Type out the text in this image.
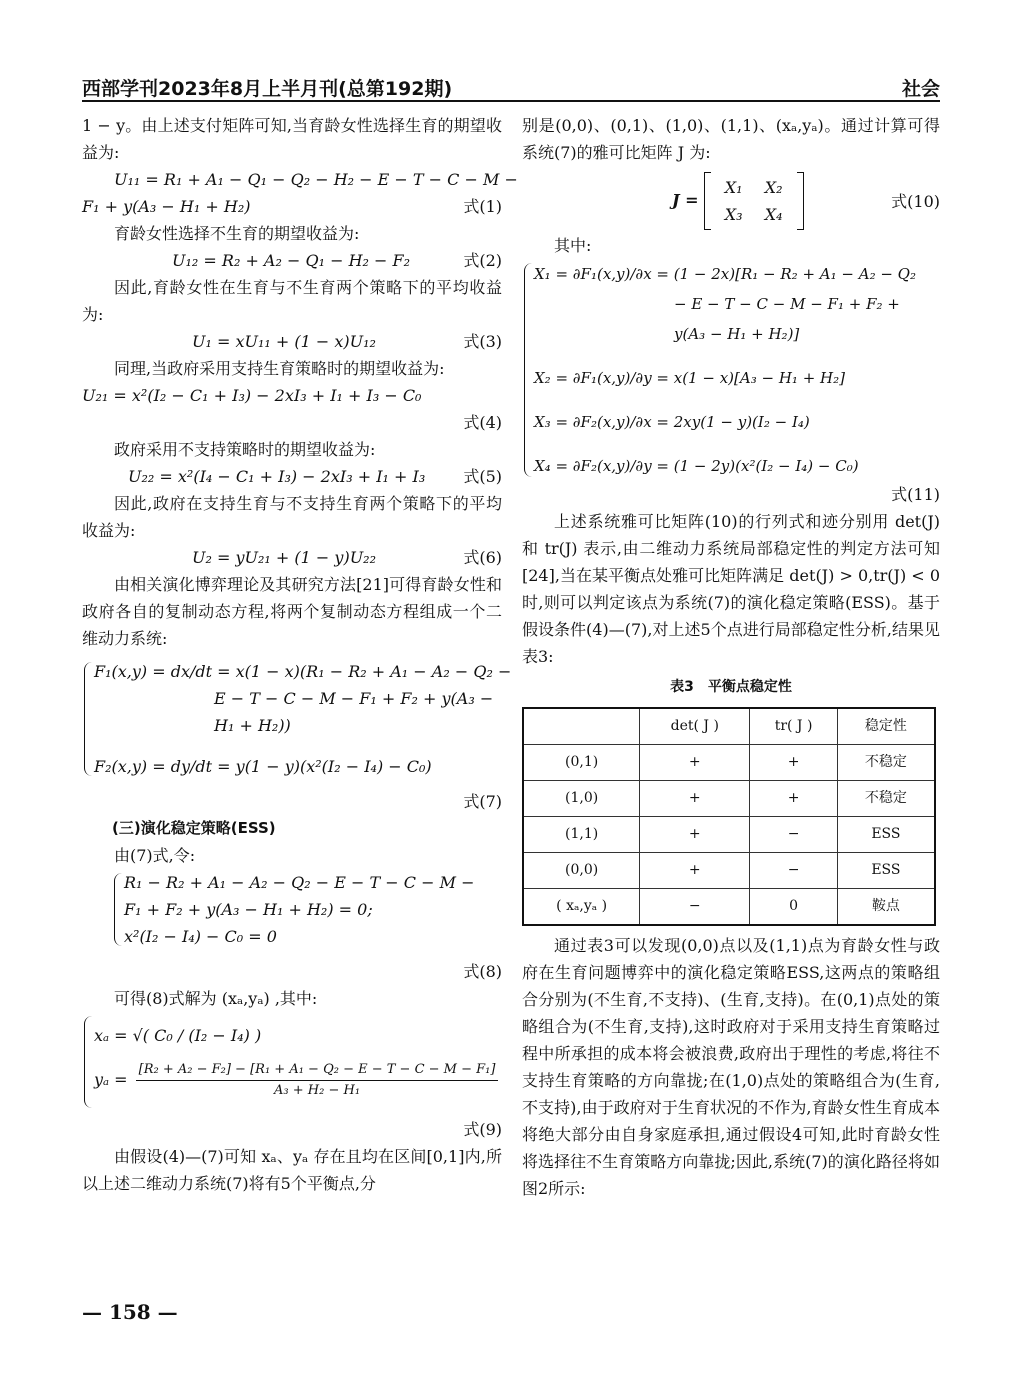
西部学刊2023年8月上半月刊(总第192期)	社会

1 − y。由上述支付矩阵可知,当育龄女性选择生育的期望收益为:

U₁₁ = R₁ + A₁ − Q₁ − Q₂ − H₂ − E − T − C − M −
F₁ + y(A₃ − H₁ + H₂)	式(1)

育龄女性选择不生育的期望收益为:

U₁₂ = R₂ + A₂ − Q₁ − H₂ − F₂	式(2)

因此,育龄女性在生育与不生育两个策略下的平均收益为:

U₁ = xU₁₁ + (1 − x)U₁₂	式(3)

同理,当政府采用支持生育策略时的期望收益为:

U₂₁ = x²(I₂ − C₁ + I₃) − 2xI₃ + I₁ + I₃ − C₀
式(4)

政府采用不支持策略时的期望收益为:

U₂₂ = x²(I₄ − C₁ + I₃) − 2xI₃ + I₁ + I₃ 式(5)

因此,政府在支持生育与不支持生育两个策略下的平均收益为:

U₂ = yU₂₁ + (1 − y)U₂₂	式(6)

由相关演化博弈理论及其研究方法[21]可得育龄女性和政府各自的复制动态方程,将两个复制动态方程组成一个二维动力系统:

F₁(x,y) = dx/dt = x(1 − x)(R₁ − R₂ + A₁ − A₂ − Q₂ −
E − T − C − M − F₁ + F₂ + y(A₃ −
H₁ + H₂))
F₂(x,y) = dy/dt = y(1 − y)(x²(I₂ − I₄) − C₀)
式(7)

(三)演化稳定策略(ESS)

由(7)式,令:

R₁ − R₂ + A₁ − A₂ − Q₂ − E − T − C − M −
F₁ + F₂ + y(A₃ − H₁ + H₂) = 0;
x²(I₂ − I₄) − C₀ = 0
式(8)

可得(8)式解为 (xₐ,yₐ) ,其中:

xₐ = √( C₀ / (I₂ − I₄) )
$y_a = \frac{\text{[R₂ + A₂ − F₂] − [R₁ + A₁ − Q₂ − E − T − C − M − F₁]}}{\text{A₃ + H₂ − H₁}}$
式(9)

由假设(4)—(7)可知 xₐ、yₐ 存在且均在区间[0,1]内,所以上述二维动力系统(7)将有5个平衡点,分

别是(0,0)、(0,1)、(1,0)、(1,1)、(xₐ,yₐ)。通过计算可得系统(7)的雅可比矩阵 J 为:

J = X₁ X₂
X₃ X₄
式(10)

其中:

X₁ = ∂F₁(x,y)/∂x = (1 − 2x)[R₁ − R₂ + A₁ − A₂ − Q₂
− E − T − C − M − F₁ + F₂ +
y(A₃ − H₁ + H₂)]
X₂ = ∂F₁(x,y)/∂y = x(1 − x)[A₃ − H₁ + H₂]
X₃ = ∂F₂(x,y)/∂x = 2xy(1 − y)(I₂ − I₄)
X₄ = ∂F₂(x,y)/∂y = (1 − 2y)(x²(I₂ − I₄) − C₀)
式(11)

上述系统雅可比矩阵(10)的行列式和迹分别用 det(J) 和 tr(J) 表示,由二维动力系统局部稳定性的判定方法可知[24],当在某平衡点处雅可比矩阵满足 det(J) > 0,tr(J) < 0时,则可以判定该点为系统(7)的演化稳定策略(ESS)。基于假设条件(4)—(7),对上述5个点进行局部稳定性分析,结果见表3:

表3　平衡点稳定性
	det( J )	tr( J )	稳定性
(0,1)	+	+	不稳定
(1,0)	+	+	不稳定
(1,1)	+	−	ESS
(0,0)	+	−	ESS
( xₐ,yₐ )	−	0	鞍点

通过表3可以发现(0,0)点以及(1,1)点为育龄女性与政府在生育问题博弈中的演化稳定策略ESS,这两点的策略组合分别为(不生育,不支持)、(生育,支持)。在(0,1)点处的策略组合为(不生育,支持),这时政府对于采用支持生育策略过程中所承担的成本将会被浪费,政府出于理性的考虑,将往不支持生育策略的方向靠拢;在(1,0)点处的策略组合为(生育,不支持),由于政府对于生育状况的不作为,育龄女性生育成本将绝大部分由自身家庭承担,通过假设4可知,此时育龄女性将选择往不生育策略方向靠拢;因此,系统(7)的演化路径将如图2所示:

— 158 —
